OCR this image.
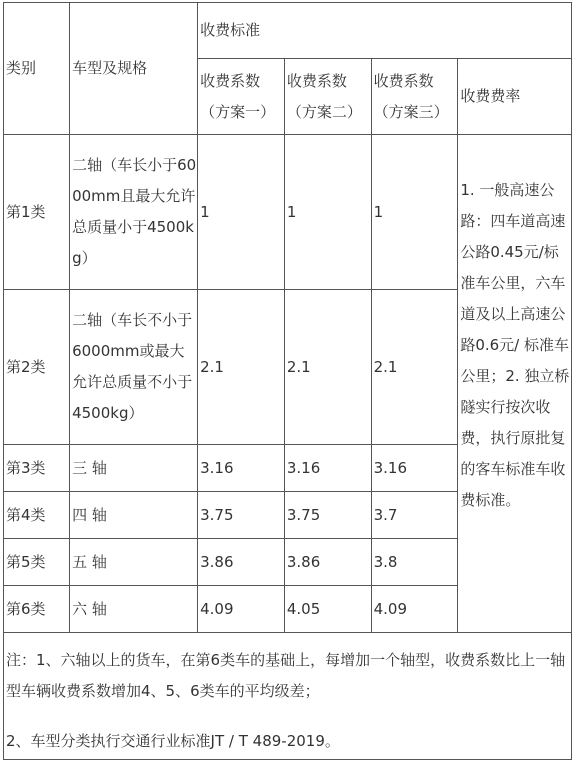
类别	车型及规格	收费标准			
		收费系数（方案一）	收费系数（方案二）	收费系数（方案三）	收费费率
第1类	二轴（车长小于6000mm且最大允许总质量小于4500kg）	1	1	1	1. 一般高速公路：四车道高速公路0.45元/标准车公里，六车道及以上高速公路0.6元/ 标准车公里；2. 独立桥隧实行按次收费，执行原批复的客车标准车收费标准。
第2类	二轴（车长不小于6000mm或最大允许总质量不小于4500kg）	2.1	2.1	2.1	
第3类	三 轴	3.16	3.16	3.16	
第4类	四 轴	3.75	3.75	3.7	
第5类	五 轴	3.86	3.86	3.8	
第6类	六 轴	4.09	4.05	4.09	

注：1、六轴以上的货车，在第6类车的基础上，每增加一个轴型，收费系数比上一轴型车辆收费系数增加4、5、6类车的平均级差；
2、车型分类执行交通行业标准JT / T 489-2019。					
